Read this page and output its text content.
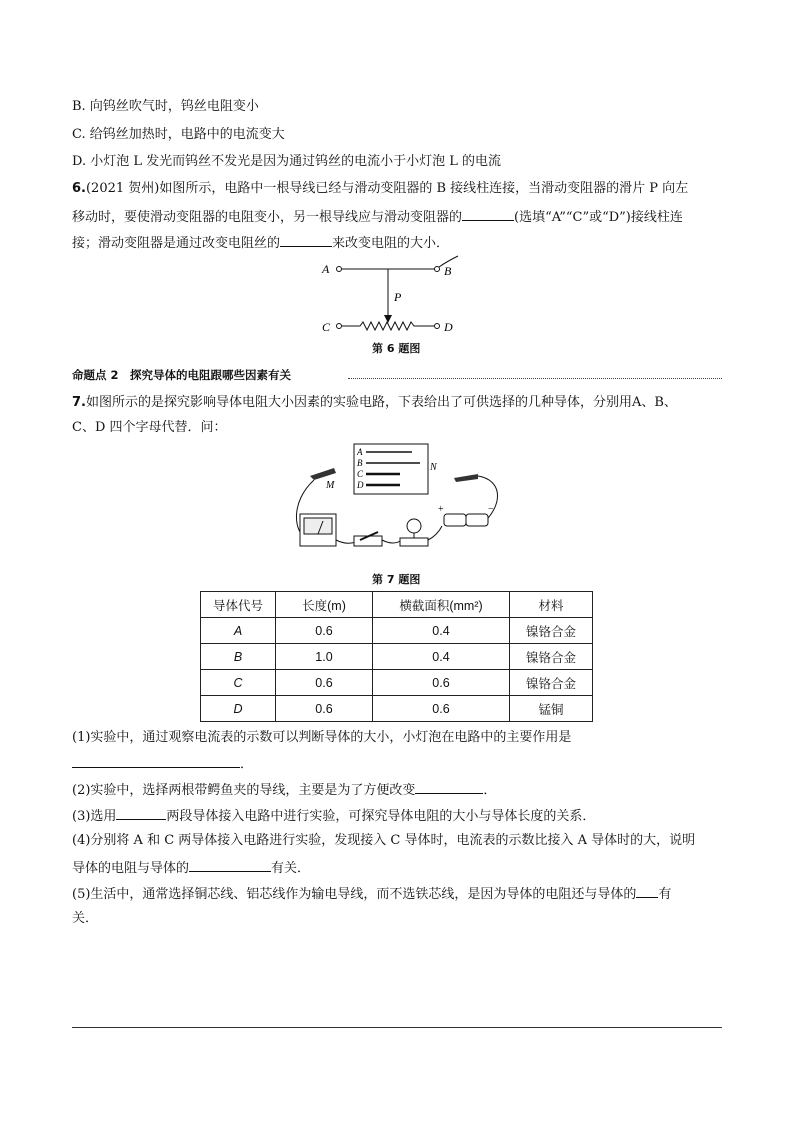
B. 向钨丝吹气时，钨丝电阻变小
C. 给钨丝加热时，电路中的电流变大
D. 小灯泡 L 发光而钨丝不发光是因为通过钨丝的电流小于小灯泡 L 的电流
6.(2021 贺州)如图所示，电路中一根导线已经与滑动变阻器的 B 接线柱连接，当滑动变阻器的滑片 P 向左
移动时，要使滑动变阻器的电阻变小，另一根导线应与滑动变阻器的	(选填“A”“C”或“D”)接线柱连
接；滑动变阻器是通过改变电阻丝的	来改变电阻的大小．
A	B
P
C	D
第 6 题图
命题点 2　探究导体的电阻跟哪些因素有关
7.如图所示的是探究影响导体电阻大小因素的实验电路，下表给出了可供选择的几种导体，分别用A、B、
C、D 四个字母代替．问：
A
B
C
D
M
N
+	−
第 7 题图
导体代号	长度(m)	横截面积(mm²)	材料
A	0.6	0.4	镍铬合金
B	1.0	0.4	镍铬合金
C	0.6	0.6	镍铬合金
D	0.6	0.6	锰铜
(1)实验中，通过观察电流表的示数可以判断导体的大小，小灯泡在电路中的主要作用是
．
(2)实验中，选择两根带鳄鱼夹的导线，主要是为了方便改变	．
(3)选用	两段导体接入电路中进行实验，可探究导体电阻的大小与导体长度的关系．
(4)分别将 A 和 C 两导体接入电路进行实验，发现接入 C 导体时，电流表的示数比接入 A 导体时的大，说明
导体的电阻与导体的	有关．
(5)生活中，通常选择铜芯线、铝芯线作为输电导线，而不选铁芯线，是因为导体的电阻还与导体的 有
关．
